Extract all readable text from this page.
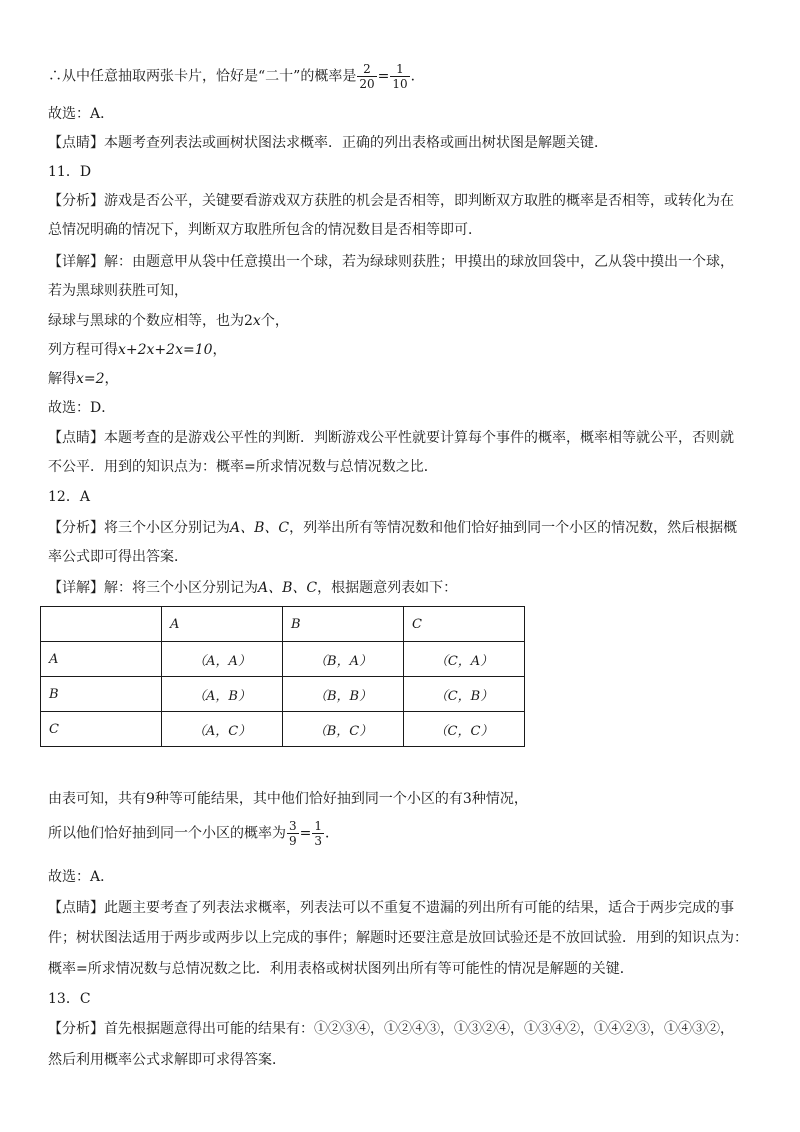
∴从中任意抽取两张卡片，恰好是“二十”的概率是 $\frac{2}{20} = \frac{1}{10}$ ．
故选：A．
【点睛】本题考查列表法或画树状图法求概率．正确的列出表格或画出树状图是解题关键．
11．D
【分析】游戏是否公平，关键要看游戏双方获胜的机会是否相等，即判断双方取胜的概率是否相等，或转化为在
总情况明确的情况下，判断双方取胜所包含的情况数目是否相等即可．
【详解】解：由题意甲从袋中任意摸出一个球，若为绿球则获胜；甲摸出的球放回袋中，乙从袋中摸出一个球，
若为黑球则获胜可知，
绿球与黑球的个数应相等，也为2x个，
列方程可得x+2x+2x=10，
解得x=2，
故选：D．
【点睛】本题考查的是游戏公平性的判断．判断游戏公平性就要计算每个事件的概率，概率相等就公平，否则就
不公平．用到的知识点为：概率=所求情况数与总情况数之比．
12．A
【分析】将三个小区分别记为A、B、C，列举出所有等情况数和他们恰好抽到同一个小区的情况数，然后根据概
率公式即可得出答案．
【详解】解：将三个小区分别记为A、B、C，根据题意列表如下：
	A	B	C
A	（A，A）	（B，A）	（C，A）
B	（A，B）	（B，B）	（C，B）
C	（A，C）	（B，C）	（C，C）
由表可知，共有9种等可能结果，其中他们恰好抽到同一个小区的有3种情况，
所以他们恰好抽到同一个小区的概率为 $\frac{3}{9} = \frac{1}{3}$ ．
故选：A．
【点睛】此题主要考查了列表法求概率，列表法可以不重复不遗漏的列出所有可能的结果，适合于两步完成的事
件；树状图法适用于两步或两步以上完成的事件；解题时还要注意是放回试验还是不放回试验．用到的知识点为：
概率=所求情况数与总情况数之比．利用表格或树状图列出所有等可能性的情况是解题的关键．
13．C
【分析】首先根据题意得出可能的结果有：①②③④，①②④③，①③②④，①③④②，①④②③，①④③②，
然后利用概率公式求解即可求得答案．
